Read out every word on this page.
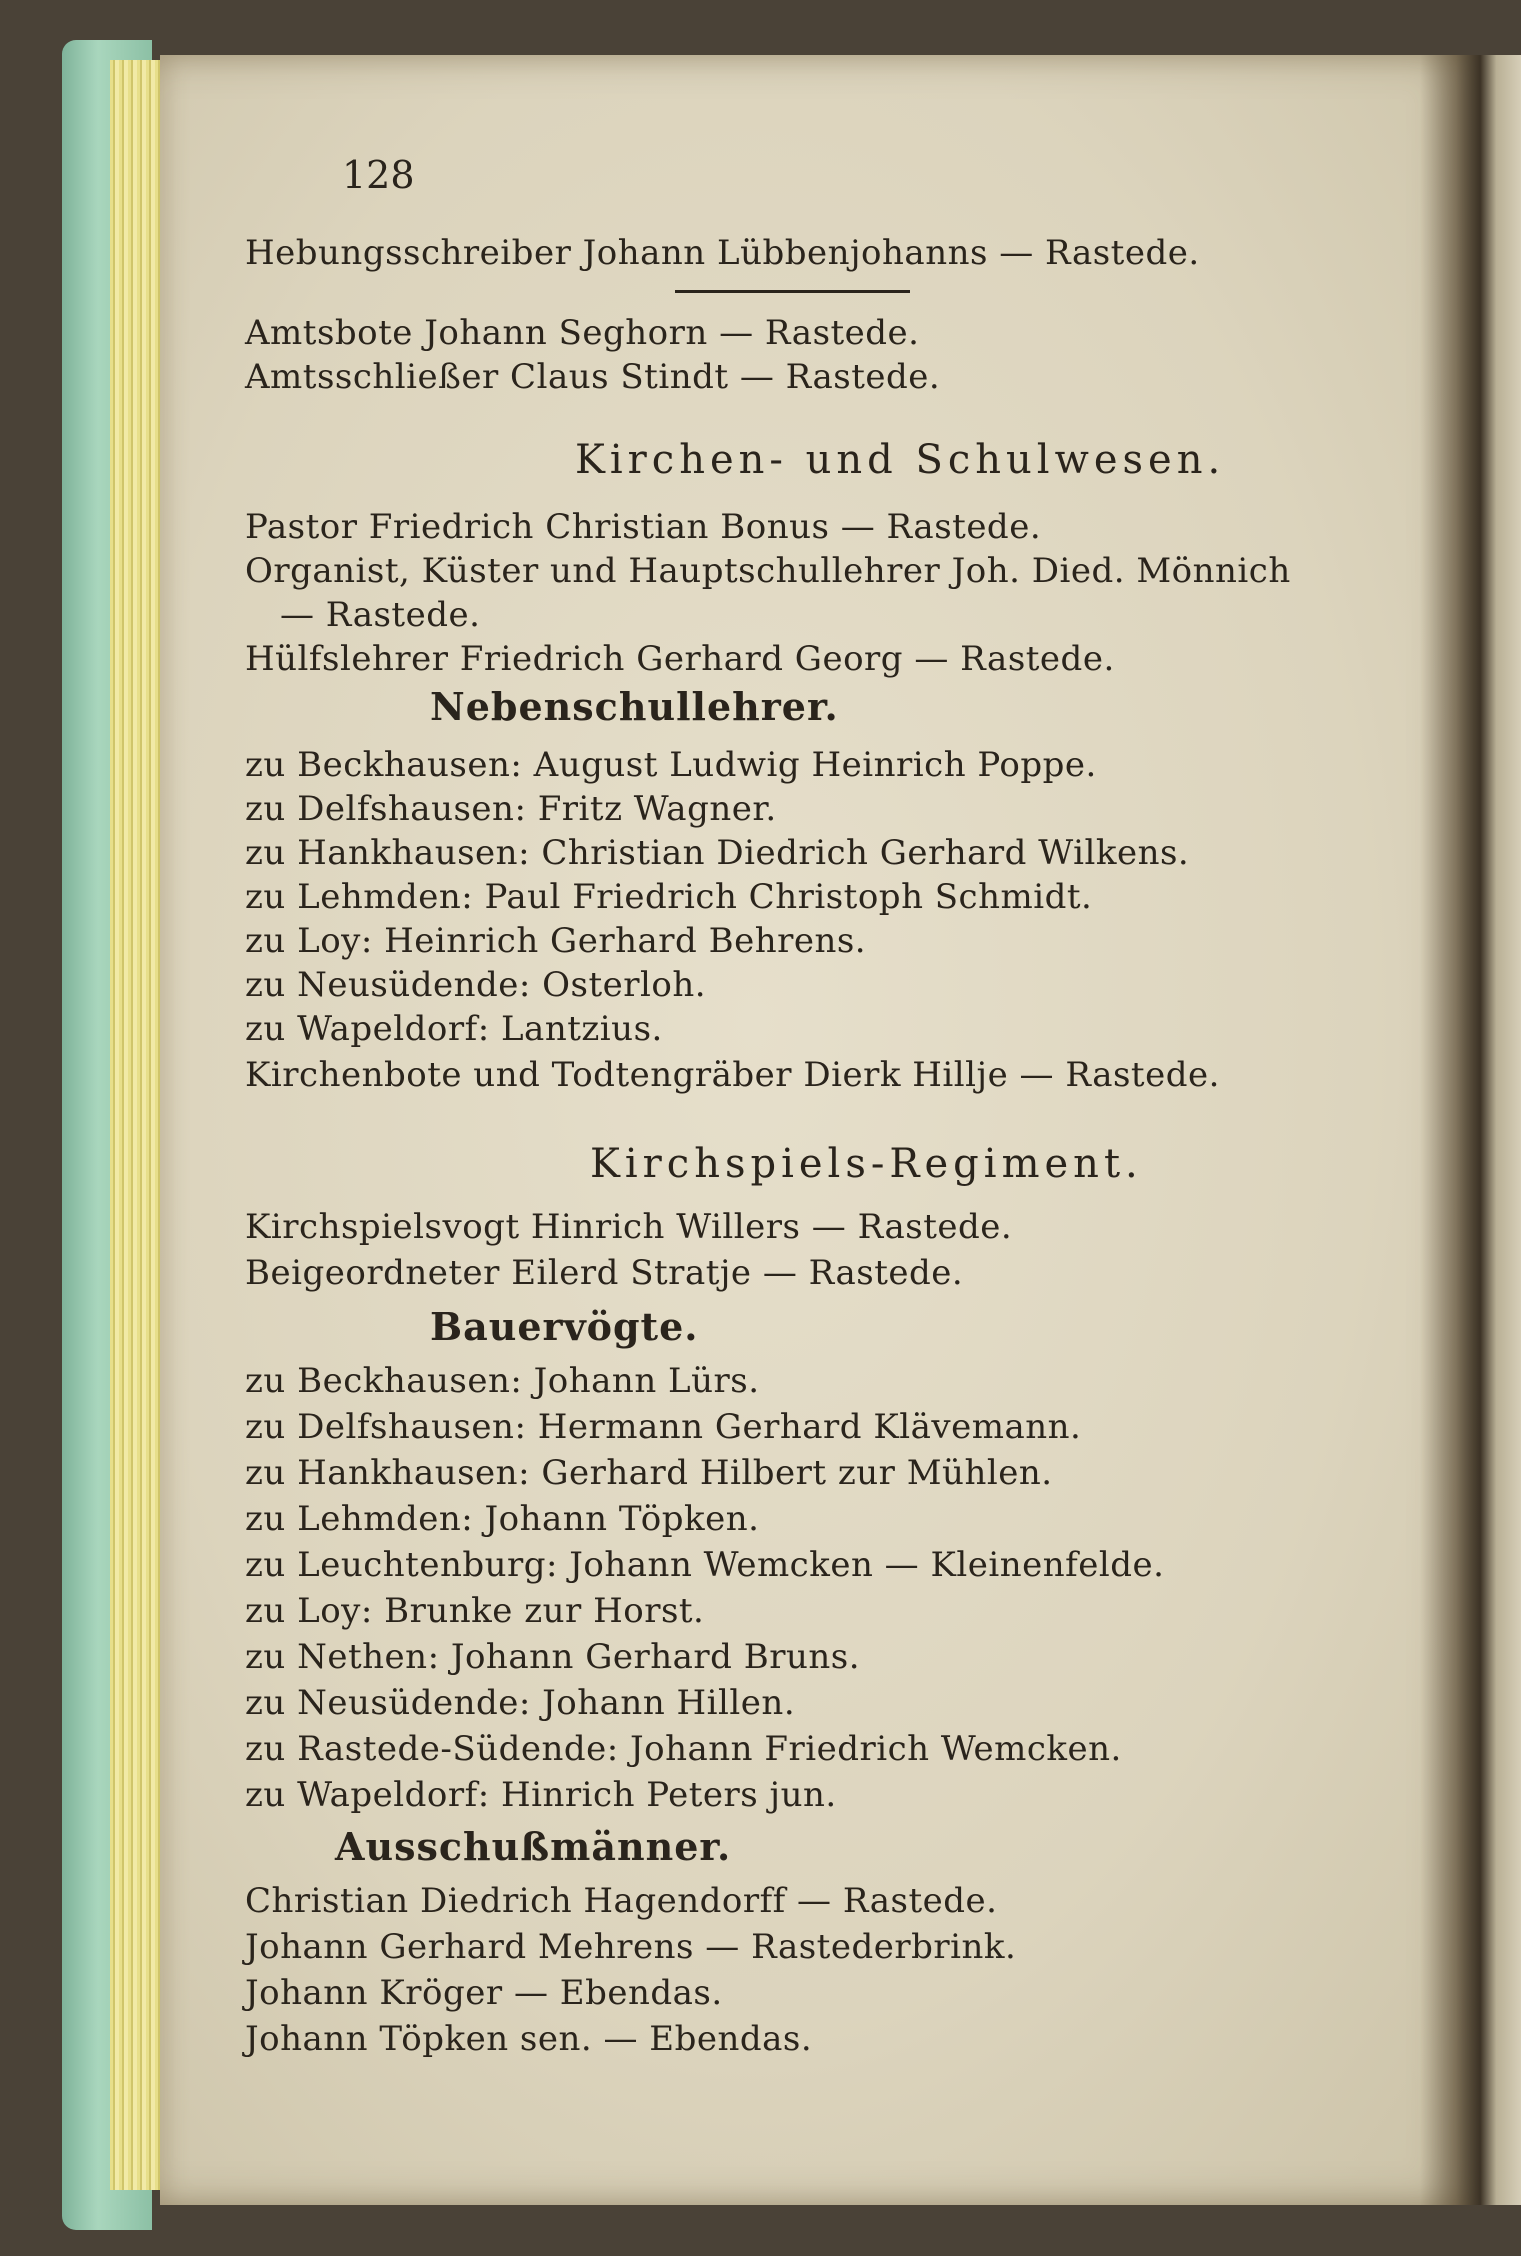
128
Hebungsschreiber Johann Lübbenjohanns — Rastede.
Amtsbote Johann Seghorn — Rastede.
Amtsschließer Claus Stindt — Rastede.
Kirchen- und Schulwesen.
Pastor Friedrich Christian Bonus — Rastede.
Organist, Küster und Hauptschullehrer Joh. Died. Mönnich
— Rastede.
Hülfslehrer Friedrich Gerhard Georg — Rastede.
Nebenschullehrer.
zu Beckhausen: August Ludwig Heinrich Poppe.
zu Delfshausen: Fritz Wagner.
zu Hankhausen: Christian Diedrich Gerhard Wilkens.
zu Lehmden: Paul Friedrich Christoph Schmidt.
zu Loy: Heinrich Gerhard Behrens.
zu Neusüdende: Osterloh.
zu Wapeldorf: Lantzius.
Kirchenbote und Todtengräber Dierk Hillje — Rastede.
Kirchspiels-Regiment.
Kirchspielsvogt Hinrich Willers — Rastede.
Beigeordneter Eilerd Stratje — Rastede.
Bauervögte.
zu Beckhausen: Johann Lürs.
zu Delfshausen: Hermann Gerhard Klävemann.
zu Hankhausen: Gerhard Hilbert zur Mühlen.
zu Lehmden: Johann Töpken.
zu Leuchtenburg: Johann Wemcken — Kleinenfelde.
zu Loy: Brunke zur Horst.
zu Nethen: Johann Gerhard Bruns.
zu Neusüdende: Johann Hillen.
zu Rastede-Südende: Johann Friedrich Wemcken.
zu Wapeldorf: Hinrich Peters jun.
Ausschußmänner.
Christian Diedrich Hagendorff — Rastede.
Johann Gerhard Mehrens — Rastederbrink.
Johann Kröger — Ebendas.
Johann Töpken sen. — Ebendas.
